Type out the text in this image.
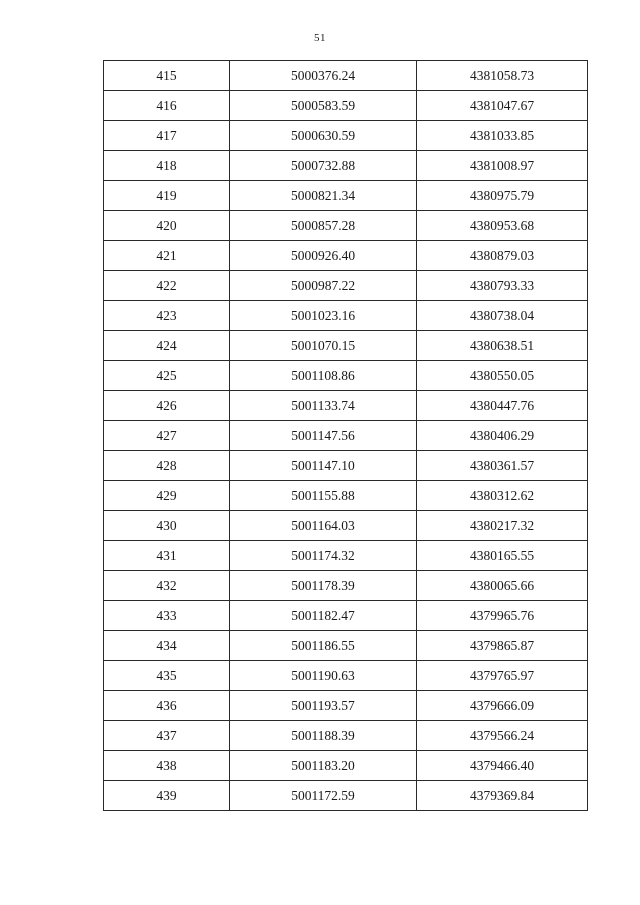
51
415	5000376.24	4381058.73
416	5000583.59	4381047.67
417	5000630.59	4381033.85
418	5000732.88	4381008.97
419	5000821.34	4380975.79
420	5000857.28	4380953.68
421	5000926.40	4380879.03
422	5000987.22	4380793.33
423	5001023.16	4380738.04
424	5001070.15	4380638.51
425	5001108.86	4380550.05
426	5001133.74	4380447.76
427	5001147.56	4380406.29
428	5001147.10	4380361.57
429	5001155.88	4380312.62
430	5001164.03	4380217.32
431	5001174.32	4380165.55
432	5001178.39	4380065.66
433	5001182.47	4379965.76
434	5001186.55	4379865.87
435	5001190.63	4379765.97
436	5001193.57	4379666.09
437	5001188.39	4379566.24
438	5001183.20	4379466.40
439	5001172.59	4379369.84
